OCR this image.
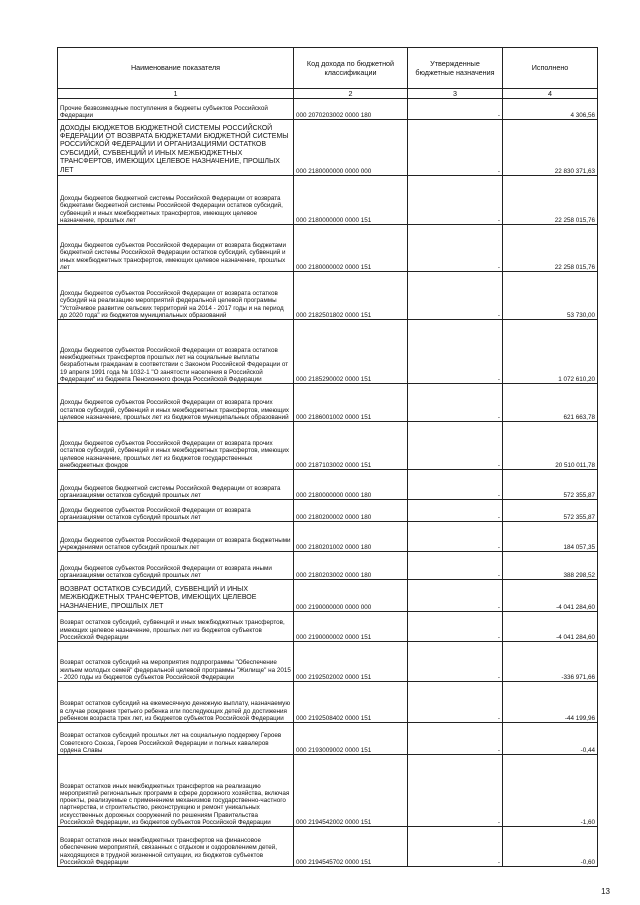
Наименование показателя	Код дохода по бюджетной классификации	Утвержденные бюджетные назначения	Исполнено
1	2	3	4
Прочие безвозмездные поступления в бюджеты субъектов Российской Федерации	000 2070203002 0000 180	-	4 306,56
ДОХОДЫ БЮДЖЕТОВ БЮДЖЕТНОЙ СИСТЕМЫ РОССИЙСКОЙ ФЕДЕРАЦИИ ОТ ВОЗВРАТА БЮДЖЕТАМИ БЮДЖЕТНОЙ СИСТЕМЫ РОССИЙСКОЙ ФЕДЕРАЦИИ И ОРГАНИЗАЦИЯМИ ОСТАТКОВ СУБСИДИЙ, СУБВЕНЦИЙ И ИНЫХ МЕЖБЮДЖЕТНЫХ ТРАНСФЕРТОВ, ИМЕЮЩИХ ЦЕЛЕВОЕ НАЗНАЧЕНИЕ, ПРОШЛЫХ ЛЕТ	000 2180000000 0000 000	-	22 830 371,63
Доходы бюджетов бюджетной системы Российской Федерации от возврата бюджетами бюджетной системы Российской Федерации остатков субсидий, субвенций и иных межбюджетных трансфертов, имеющих целевое назначение, прошлых лет	000 2180000000 0000 151	-	22 258 015,76
Доходы бюджетов субъектов Российской Федерации от возврата бюджетами бюджетной системы Российской Федерации остатков субсидий, субвенций и иных межбюджетных трансфертов, имеющих целевое назначение, прошлых лет	000 2180000002 0000 151	-	22 258 015,76
Доходы бюджетов субъектов Российской Федерации от возврата остатков субсидий на реализацию мероприятий федеральной целевой программы "Устойчивое развитие сельских территорий на 2014 - 2017 годы и на период до 2020 года" из бюджетов муниципальных образований	000 2182501802 0000 151	-	53 730,00
Доходы бюджетов субъектов Российской Федерации от возврата остатков межбюджетных трансфертов прошлых лет на социальные выплаты безработным гражданам в соответствии с Законом Российской Федерации от 19 апреля 1991 года № 1032-1 "О занятости населения в Российской Федерации" из бюджета Пенсионного фонда Российской Федерации	000 2185290002 0000 151	-	1 072 610,20
Доходы бюджетов субъектов Российской Федерации от возврата прочих остатков субсидий, субвенций и иных межбюджетных трансфертов, имеющих целевое назначение, прошлых лет из бюджетов муниципальных образований	000 2186001002 0000 151	-	621 663,78
Доходы бюджетов субъектов Российской Федерации от возврата прочих остатков субсидий, субвенций и иных межбюджетных трансфертов, имеющих целевое назначение, прошлых лет из бюджетов государственных внебюджетных фондов	000 2187103002 0000 151	-	20 510 011,78
Доходы бюджетов бюджетной системы Российской Федерации от возврата организациями остатков субсидий прошлых лет	000 2180000000 0000 180	-	572 355,87
Доходы бюджетов субъектов Российской Федерации от возврата организациями остатков субсидий прошлых лет	000 2180200002 0000 180	-	572 355,87
Доходы бюджетов субъектов Российской Федерации от возврата бюджетными учреждениями остатков субсидий прошлых лет	000 2180201002 0000 180	-	184 057,35
Доходы бюджетов субъектов Российской Федерации от возврата иными организациями остатков субсидий прошлых лет	000 2180203002 0000 180	-	388 298,52
ВОЗВРАТ ОСТАТКОВ СУБСИДИЙ, СУБВЕНЦИЙ И ИНЫХ МЕЖБЮДЖЕТНЫХ ТРАНСФЕРТОВ, ИМЕЮЩИХ ЦЕЛЕВОЕ НАЗНАЧЕНИЕ, ПРОШЛЫХ ЛЕТ	000 2190000000 0000 000	-	-4 041 284,60
Возврат остатков субсидий, субвенций и иных межбюджетных трансфертов, имеющих целевое назначение, прошлых лет из бюджетов субъектов Российской Федерации	000 2190000002 0000 151	-	-4 041 284,60
Возврат остатков субсидий на мероприятия подпрограммы "Обеспечение жильем молодых семей" федеральной целевой программы "Жилище" на 2015 - 2020 годы из бюджетов субъектов Российской Федерации	000 2192502002 0000 151	-	-336 971,66
Возврат остатков субсидий на ежемесячную денежную выплату, назначаемую в случае рождения третьего ребенка или последующих детей до достижения ребенком возраста трех лет, из бюджетов субъектов Российской Федерации	000 2192508402 0000 151	-	-44 199,96
Возврат остатков субсидий прошлых лет на социальную поддержку Героев Советского Союза, Героев Российской Федерации и полных кавалеров ордена Славы	000 2193009002 0000 151	-	-0,44
Возврат остатков иных межбюджетных трансфертов на реализацию мероприятий региональных программ в сфере дорожного хозяйства, включая проекты, реализуемые с применением механизмов государственно-частного партнерства, и строительство, реконструкцию и ремонт уникальных искусственных дорожных сооружений по решениям Правительства Российской Федерации, из бюджетов субъектов Российской Федерации	000 2194542002 0000 151	-	-1,60
Возврат остатков иных межбюджетных трансфертов на финансовое обеспечение мероприятий, связанных с отдыхом и оздоровлением детей, находящихся в трудной жизненной ситуации, из бюджетов субъектов Российской Федерации	000 2194545702 0000 151	-	-0,60
13
